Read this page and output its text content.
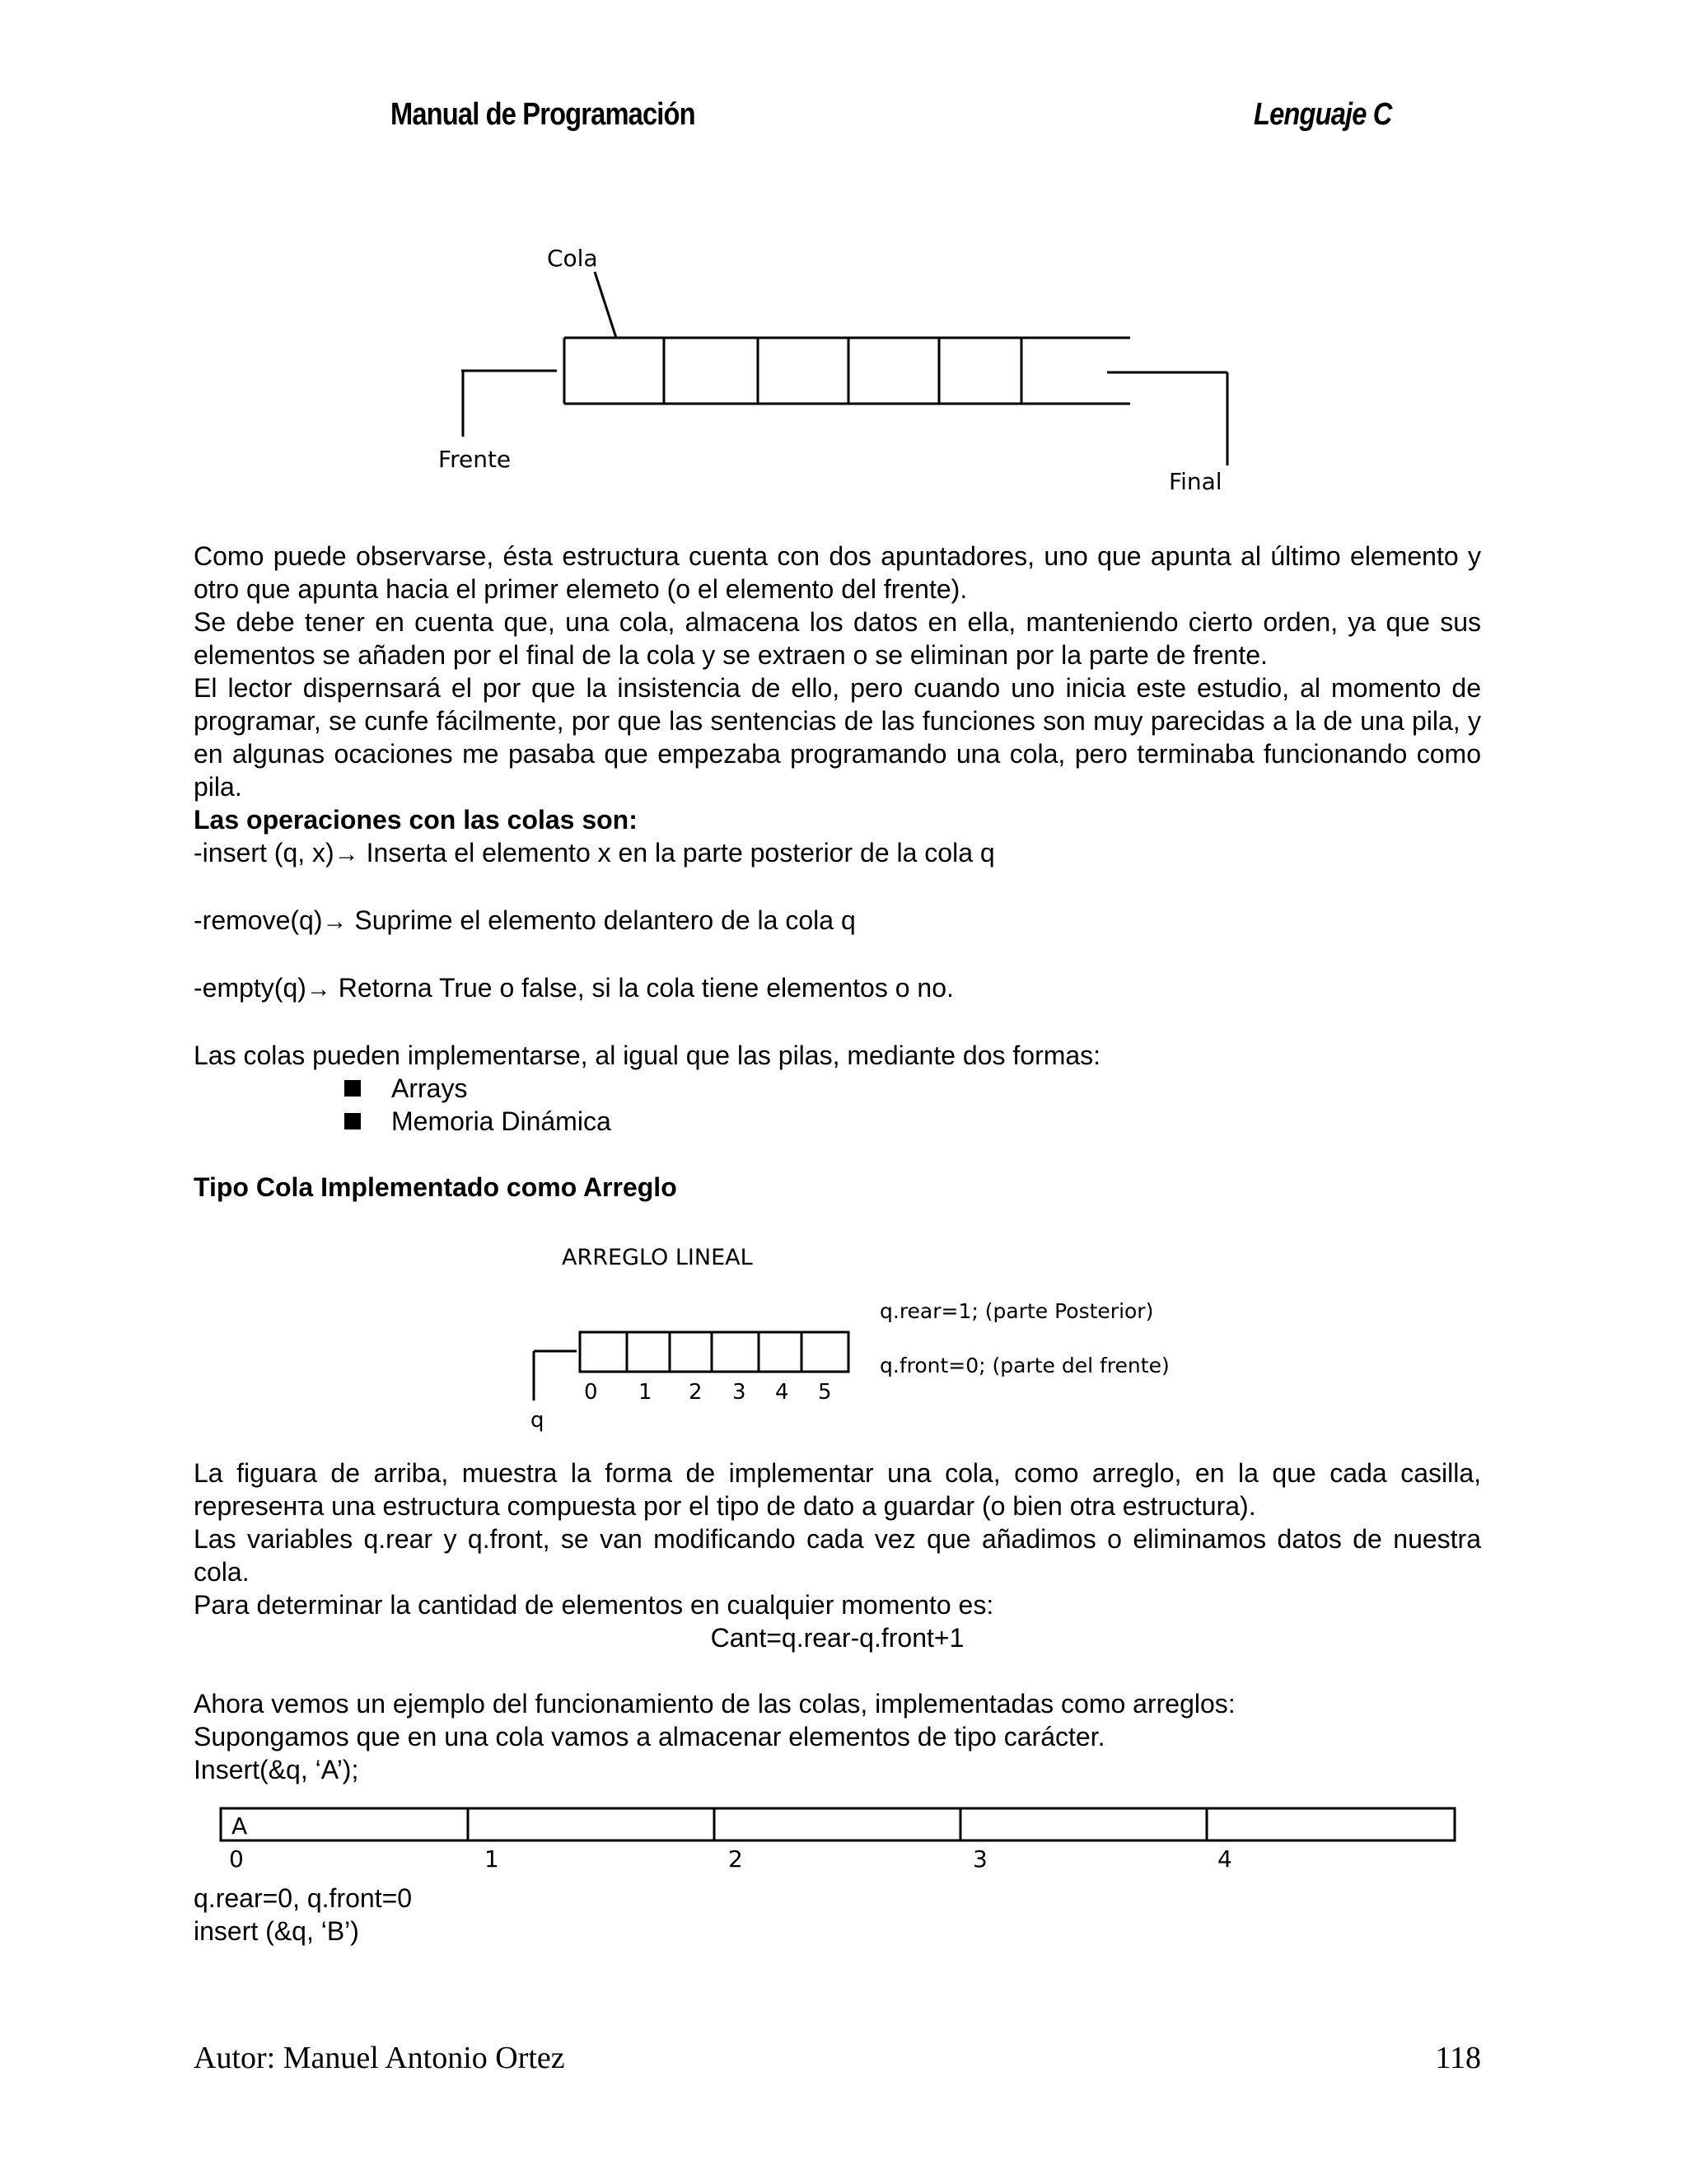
Manual de Programación	Lenguaje C
Cola
Frente
Final

Como puede observarse, ésta estructura cuenta con dos apuntadores, uno que apunta al último elemento y otro que apunta hacia el primer elemeto (o el elemento del frente).

Se debe tener en cuenta que, una cola, almacena los datos en ella, manteniendo cierto orden, ya que sus elementos se añaden por el final de la cola y se extraen o se eliminan por la parte de frente.

El lector dispernsará el por que la insistencia de ello, pero cuando uno inicia este estudio, al momento de programar, se cunfe fácilmente, por que las sentencias de las funciones son muy parecidas a la de una pila, y en algunas ocaciones me pasaba que empezaba programando una cola, pero terminaba funcionando como pila.

Las operaciones con las colas son:

-insert (q, x)→ Inserta el elemento x en la parte posterior de la cola q

-remove(q)→ Suprime el elemento delantero de la cola q

-empty(q)→ Retorna True o false, si la cola tiene elementos o no.

Las colas pueden implementarse, al igual que las pilas, mediante dos formas:

Arrays
Memoria Dinámica

Tipo Cola Implementado como Arreglo

ARREGLO LINEAL
q.rear=1; (parte Posterior)
q.front=0; (parte del frente)
0 1 2 3 4 5
q

La figuara de arriba, muestra la forma de implementar una cola, como arreglo, en la que cada casilla, represента una estructura compuesta por el tipo de dato a guardar (o bien otra estructura).

Las variables q.rear y q.front, se van modificando cada vez que añadimos o eliminamos datos de nuestra cola.

Para determinar la cantidad de elementos en cualquier momento es:

Cant=q.rear-q.front+1

Ahora vemos un ejemplo del funcionamiento de las colas, implementadas como arreglos:

Supongamos que en una cola vamos a almacenar elementos de tipo carácter.

Insert(&q, ‘A’);

A
0	1	2	3	4

q.rear=0, q.front=0

insert (&q, ‘B’)

Autor: Manuel Antonio Ortez	118
